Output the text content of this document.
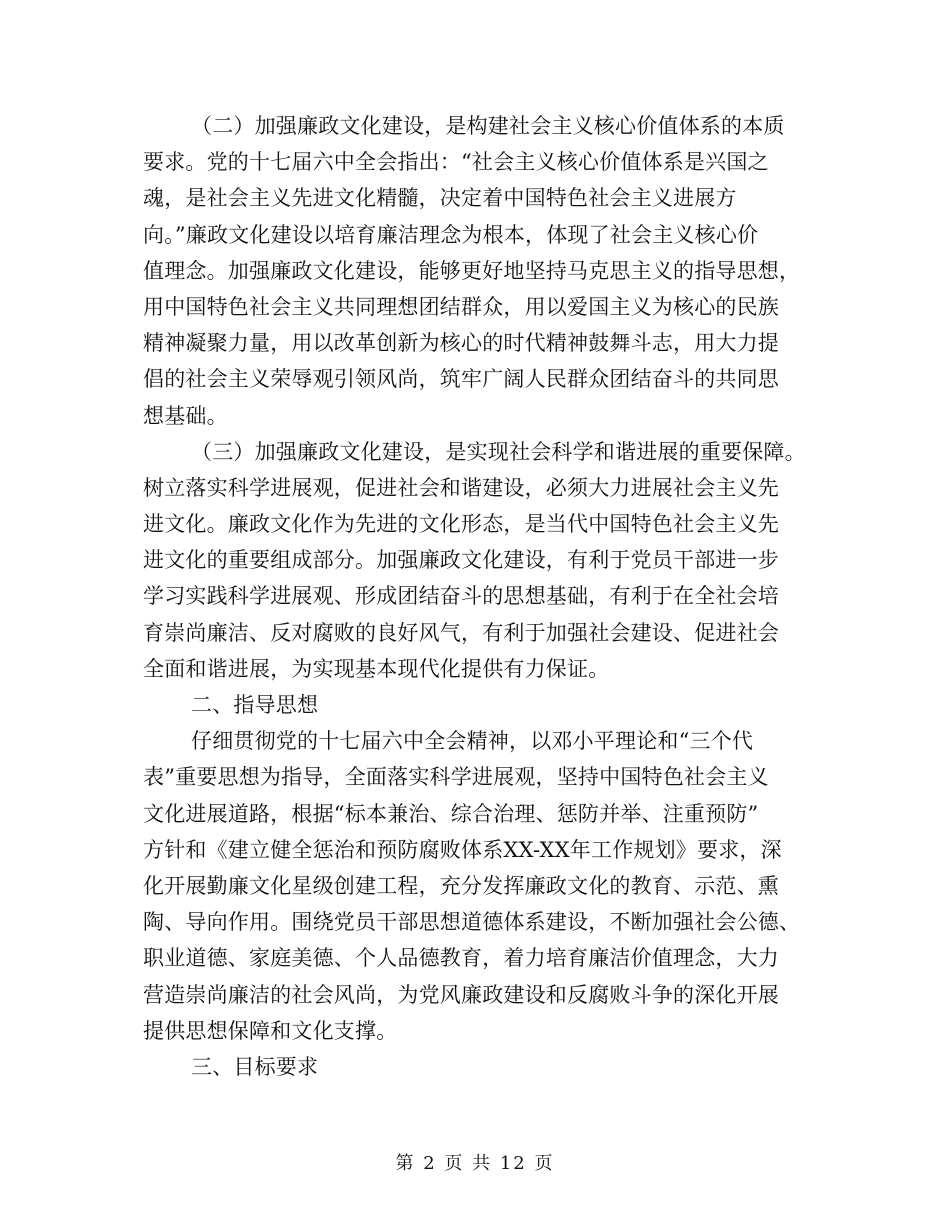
（二）加强廉政文化建设，是构建社会主义核心价值体系的本质
要求。党的十七届六中全会指出：“社会主义核心价值体系是兴国之
魂，是社会主义先进文化精髓，决定着中国特色社会主义进展方
向。”廉政文化建设以培育廉洁理念为根本，体现了社会主义核心价
值理念。加强廉政文化建设，能够更好地坚持马克思主义的指导思想，
用中国特色社会主义共同理想团结群众，用以爱国主义为核心的民族
精神凝聚力量，用以改革创新为核心的时代精神鼓舞斗志，用大力提
倡的社会主义荣辱观引领风尚，筑牢广阔人民群众团结奋斗的共同思
想基础。
（三）加强廉政文化建设，是实现社会科学和谐进展的重要保障。
树立落实科学进展观，促进社会和谐建设，必须大力进展社会主义先
进文化。廉政文化作为先进的文化形态，是当代中国特色社会主义先
进文化的重要组成部分。加强廉政文化建设，有利于党员干部进一步
学习实践科学进展观、形成团结奋斗的思想基础，有利于在全社会培
育崇尚廉洁、反对腐败的良好风气，有利于加强社会建设、促进社会
全面和谐进展，为实现基本现代化提供有力保证。
二、指导思想
仔细贯彻党的十七届六中全会精神，以邓小平理论和“三个代
表”重要思想为指导，全面落实科学进展观，坚持中国特色社会主义
文化进展道路，根据“标本兼治、综合治理、惩防并举、注重预防”
方针和《建立健全惩治和预防腐败体系XX-XX年工作规划》要求，深
化开展勤廉文化星级创建工程，充分发挥廉政文化的教育、示范、熏
陶、导向作用。围绕党员干部思想道德体系建设，不断加强社会公德、
职业道德、家庭美德、个人品德教育，着力培育廉洁价值理念，大力
营造崇尚廉洁的社会风尚，为党风廉政建设和反腐败斗争的深化开展
提供思想保障和文化支撑。
三、目标要求
第 2 页 共 12 页
